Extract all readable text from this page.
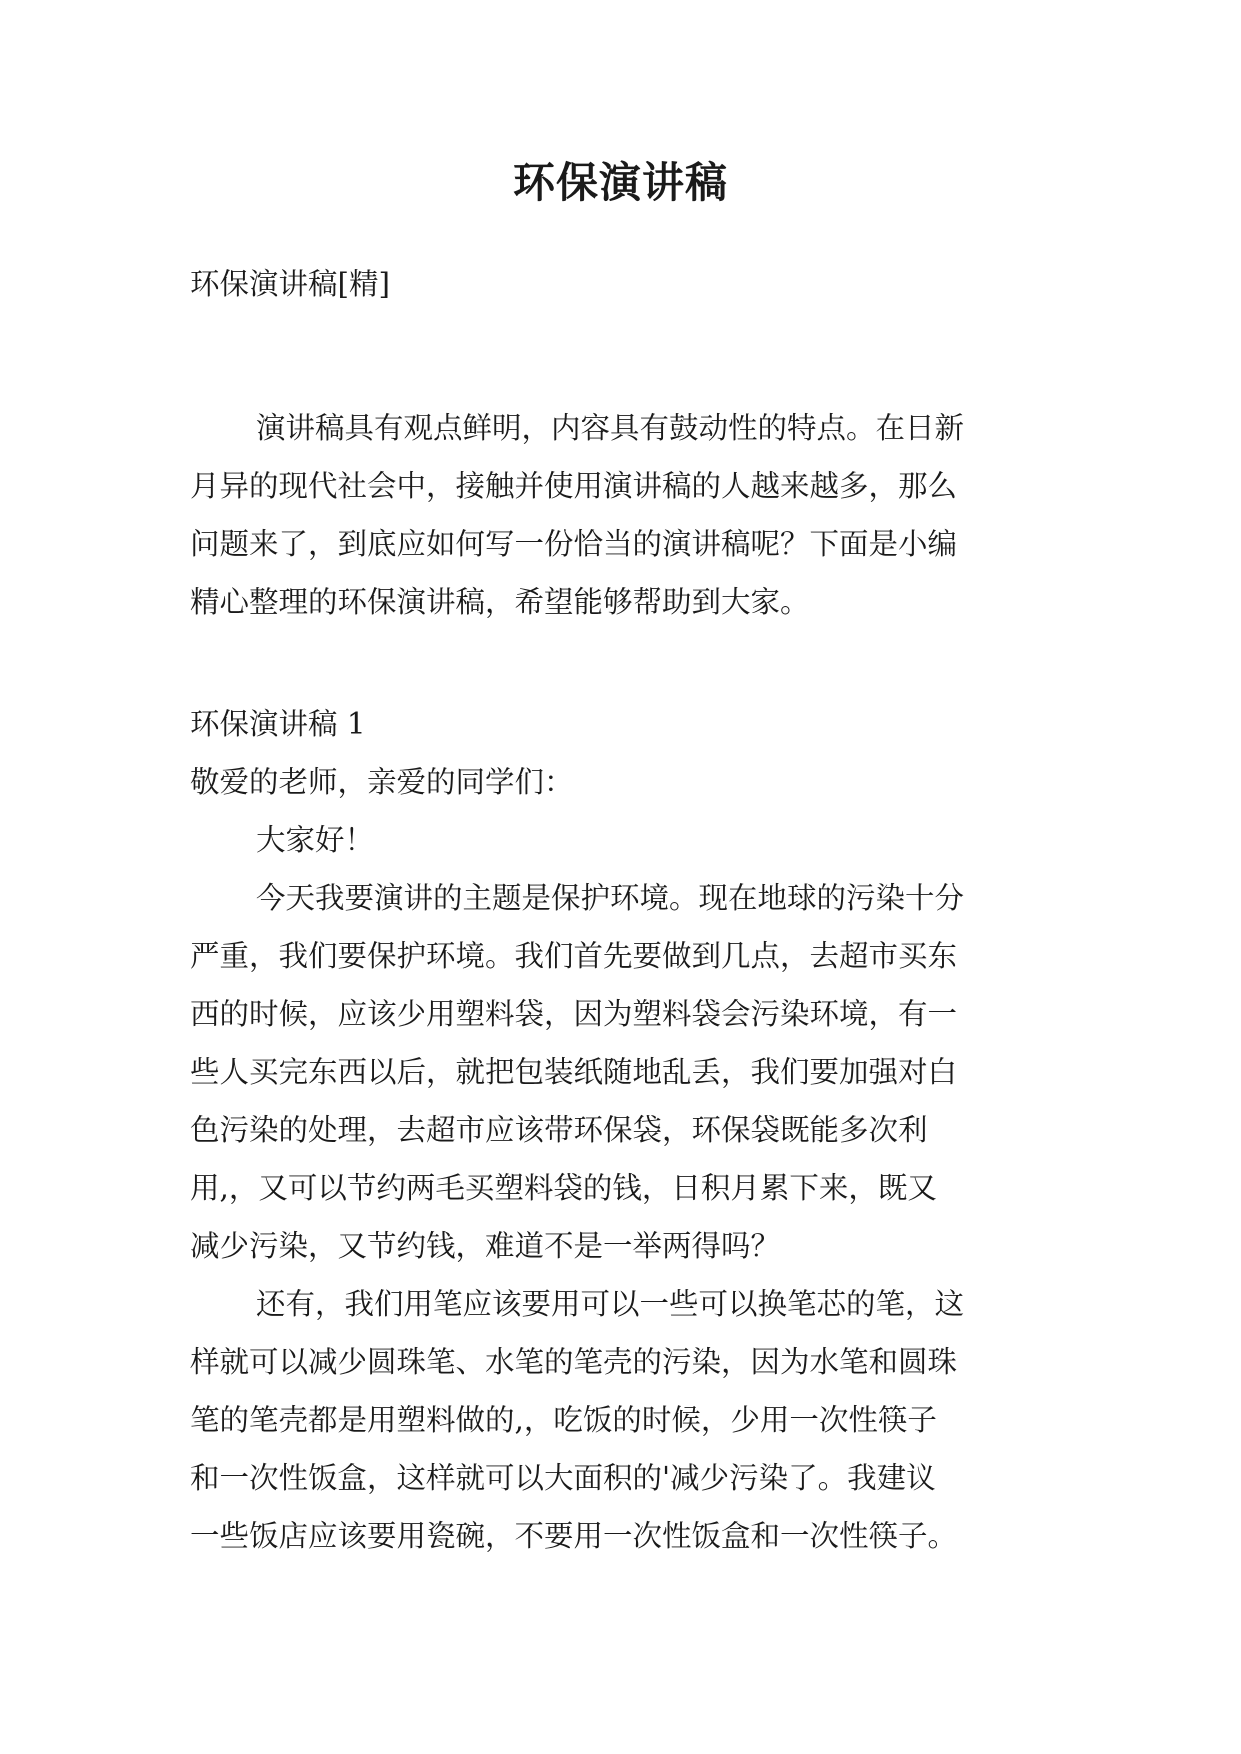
环保演讲稿

环保演讲稿[精]

演讲稿具有观点鲜明，内容具有鼓动性的特点。在日新

月异的现代社会中，接触并使用演讲稿的人越来越多，那么

问题来了，到底应如何写一份恰当的演讲稿呢？下面是小编

精心整理的环保演讲稿，希望能够帮助到大家。

环保演讲稿 1

敬爱的老师，亲爱的同学们：

大家好！

今天我要演讲的主题是保护环境。现在地球的污染十分

严重，我们要保护环境。我们首先要做到几点，去超市买东

西的时候，应该少用塑料袋，因为塑料袋会污染环境，有一

些人买完东西以后，就把包装纸随地乱丢，我们要加强对白

色污染的处理，去超市应该带环保袋，环保袋既能多次利

用,，又可以节约两毛买塑料袋的钱，日积月累下来，既又

减少污染，又节约钱，难道不是一举两得吗？

还有，我们用笔应该要用可以一些可以换笔芯的笔，这

样就可以减少圆珠笔、水笔的笔壳的污染，因为水笔和圆珠

笔的笔壳都是用塑料做的,，吃饭的时候，少用一次性筷子

和一次性饭盒，这样就可以大面积的'减少污染了。我建议

一些饭店应该要用瓷碗，不要用一次性饭盒和一次性筷子。
